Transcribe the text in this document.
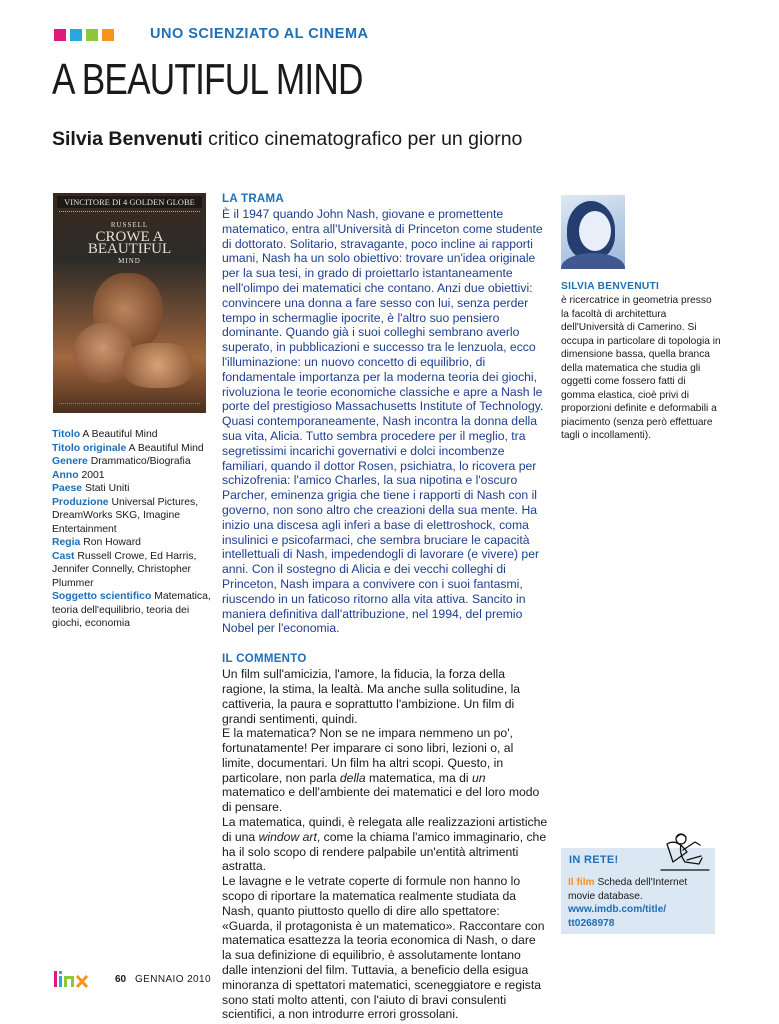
UNO SCIENZIATO AL CINEMA
A BEAUTIFUL MIND
Silvia Benvenuti critico cinematografico per un giorno
VINCITORE DI 4 GOLDEN GLOBE
RUSSELL
CROWE A
BEAUTIFUL
MIND
Titolo A Beautiful Mind
Titolo originale A Beautiful Mind
Genere Drammatico/Biografia
Anno 2001
Paese Stati Uniti
Produzione Universal Pictures, DreamWorks SKG, Imagine Entertainment
Regia Ron Howard
Cast Russell Crowe, Ed Harris, Jennifer Connelly, Christopher Plummer
Soggetto scientifico Matematica, teoria dell'equilibrio, teoria dei giochi, economia
LA TRAMA

È il 1947 quando John Nash, giovane e promettente matematico, entra all'Università di Princeton come studente di dottorato. Solitario, stravagante, poco incline ai rapporti umani, Nash ha un solo obiettivo: trovare un'idea originale per la sua tesi, in grado di proiettarlo istantaneamente nell'olimpo dei matematici che contano. Anzi due obiettivi: convincere una donna a fare sesso con lui, senza perder tempo in schermaglie ipocrite, è l'altro suo pensiero dominante. Quando già i suoi colleghi sembrano averlo superato, in pubblicazioni e successo tra le lenzuola, ecco l'illuminazione: un nuovo concetto di equilibrio, di fondamentale importanza per la moderna teoria dei giochi, rivoluziona le teorie economiche classiche e apre a Nash le porte del prestigioso Massachusetts Institute of Technology. Quasi contemporaneamente, Nash incontra la donna della sua vita, Alicia. Tutto sembra procedere per il meglio, tra segretissimi incarichi governativi e dolci incombenze familiari, quando il dottor Rosen, psichiatra, lo ricovera per schizofrenia: l'amico Charles, la sua nipotina e l'oscuro Parcher, eminenza grigia che tiene i rapporti di Nash con il governo, non sono altro che creazioni della sua mente. Ha inizio una discesa agli inferi a base di elettroshock, coma insulinici e psicofarmaci, che sembra bruciare le capacità intellettuali di Nash, impedendogli di lavorare (e vivere) per anni. Con il sostegno di Alicia e dei vecchi colleghi di Princeton, Nash impara a convivere con i suoi fantasmi, riuscendo in un faticoso ritorno alla vita attiva. Sancito in maniera definitiva dall'attribuzione, nel 1994, del premio Nobel per l'economia.

IL COMMENTO

Un film sull'amicizia, l'amore, la fiducia, la forza della ragione, la stima, la lealtà. Ma anche sulla solitudine, la cattiveria, la paura e soprattutto l'ambizione. Un film di grandi sentimenti, quindi.

E la matematica? Non se ne impara nemmeno un po', fortunatamente! Per imparare ci sono libri, lezioni o, al limite, documentari. Un film ha altri scopi. Questo, in particolare, non parla della matematica, ma di un matematico e dell'ambiente dei matematici e del loro modo di pensare.

La matematica, quindi, è relegata alle realizzazioni artistiche di una window art, come la chiama l'amico immaginario, che ha il solo scopo di rendere palpabile un'entità altrimenti astratta.

Le lavagne e le vetrate coperte di formule non hanno lo scopo di riportare la matematica realmente studiata da Nash, quanto piuttosto quello di dire allo spettatore: «Guarda, il protagonista è un matematico». Raccontare con matematica esattezza la teoria economica di Nash, o dare la sua definizione di equilibrio, è assolutamente lontano dalle intenzioni del film. Tuttavia, a beneficio della esigua minoranza di spettatori matematici, sceneggiatore e regista sono stati molto attenti, con l'aiuto di bravi consulenti scientifici, a non introdurre errori grossolani.

SILVIA BENVENUTI
è ricercatrice in geometria presso la facoltà di architettura dell'Università di Camerino. Si occupa in particolare di topologia in dimensione bassa, quella branca della matematica che studia gli oggetti come fossero fatti di gomma elastica, cioè privi di proporzioni definite e deformabili a piacimento (senza però effettuare tagli o incollamenti).
IN RETE!
Il film Scheda dell'Internet movie database.
www.imdb.com/title/
tt0268978
60 GENNAIO 2010
